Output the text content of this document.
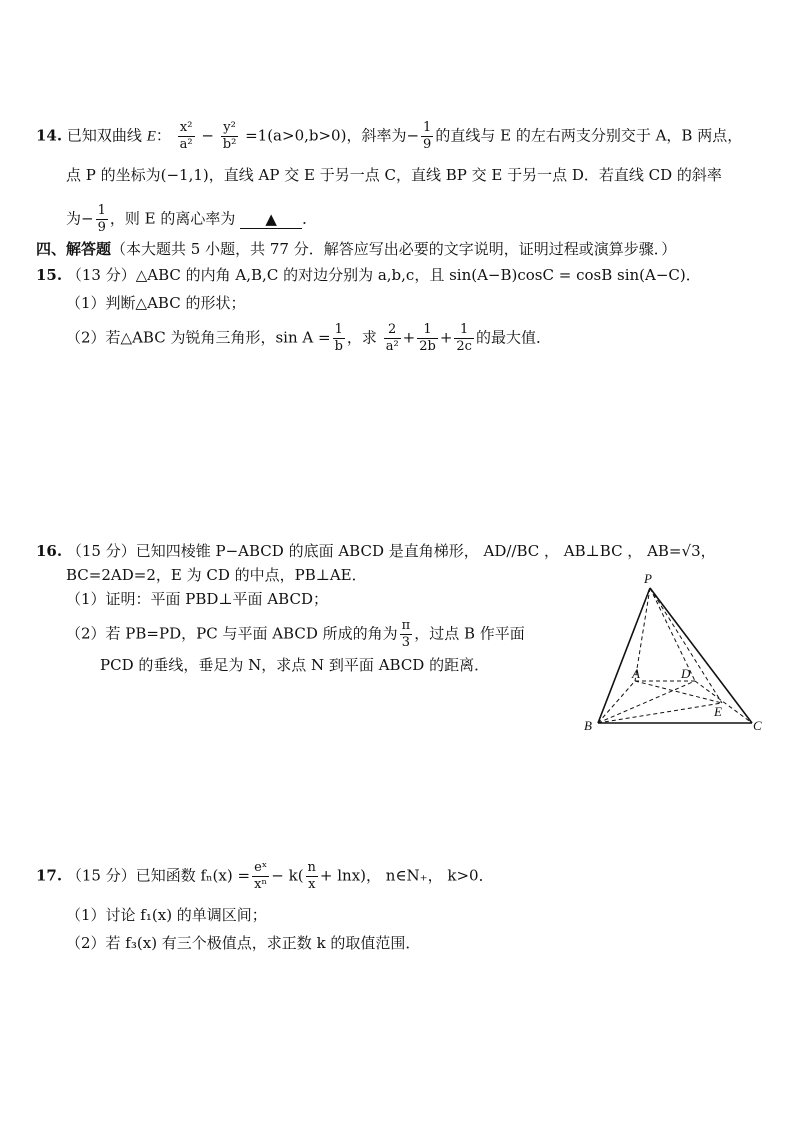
14. 已知双曲线 E： $\frac{\text{x²}}{\text{a²}} - \frac{\text{y²}}{\text{b²}} =1(a>0,b>0)$，斜率为− $\frac{1}{9}$ 的直线与 E 的左右两支分别交于 A，B 两点，
点 P 的坐标为(−1,1)，直线 AP 交 E 于另一点 C，直线 BP 交 E 于另一点 D．若直线 CD 的斜率
为− $\frac{1}{9}$ ，则 E 的离心率为 ▲ ．
四、解答题（本大题共 5 小题，共 77 分．解答应写出必要的文字说明，证明过程或演算步骤．）
15. （13 分）△ABC 的内角 A,B,C 的对边分别为 a,b,c，且 sin(A−B)cosC = cosB sin(A−C)．
（1）判断△ABC 的形状；
（2）若△ABC 为锐角三角形，$\sin A = \frac{1}{b}$ ，求 $\frac{2}{\text{a²}} + \frac{1}{2b} + \frac{1}{2c}$ 的最大值．
16. （15 分）已知四棱锥 P−ABCD 的底面 ABCD 是直角梯形， AD//BC ， AB⊥BC ， AB=√3，
BC=2AD=2，E 为 CD 的中点，PB⊥AE．
（1）证明：平面 PBD⊥平面 ABCD；
（2）若 PB=PD，PC 与平面 ABCD 所成的角为 $\frac{\pi}{3}$ ，过点 B 作平面
PCD 的垂线，垂足为 N，求点 N 到平面 ABCD 的距离．
P
A	D
E
B	C
17. （15 分）已知函数 $f_n(x) = \frac{\text{eˣ}}{\text{xⁿ}} - k( \frac{n}{x} + \ln x)$， n∈N₊， k>0．
（1）讨论 f₁(x) 的单调区间；
（2）若 f₃(x) 有三个极值点，求正数 k 的取值范围．
